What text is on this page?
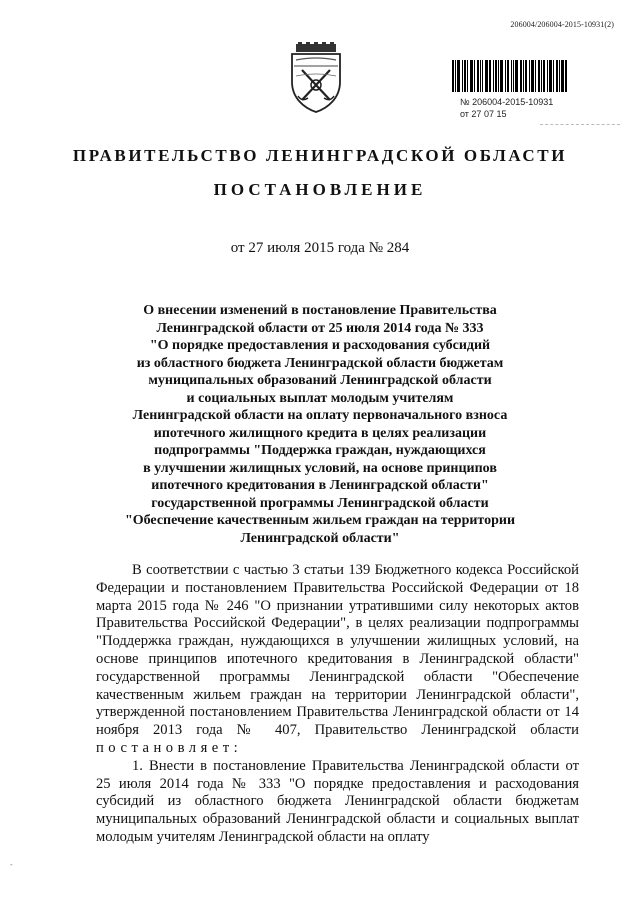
206004/206004-2015-10931(2)
№ 206004-2015-10931
от 27 07 15
ПРАВИТЕЛЬСТВО ЛЕНИНГРАДСКОЙ ОБЛАСТИ
ПОСТАНОВЛЕНИЕ
от 27 июля 2015 года № 284
О внесении изменений в постановление Правительства
Ленинградской области от 25 июля 2014 года № 333
"О порядке предоставления и расходования субсидий
из областного бюджета Ленинградской области бюджетам
муниципальных образований Ленинградской области
и социальных выплат молодым учителям
Ленинградской области на оплату первоначального взноса
ипотечного жилищного кредита в целях реализации
подпрограммы "Поддержка граждан, нуждающихся
в улучшении жилищных условий, на основе принципов
ипотечного кредитования в Ленинградской области"
государственной программы Ленинградской области
"Обеспечение качественным жильем граждан на территории
Ленинградской области"

В соответствии с частью 3 статьи 139 Бюджетного кодекса Российской Федерации и постановлением Правительства Российской Федерации от 18 марта 2015 года № 246 "О признании утратившими силу некоторых актов Правительства Российской Федерации", в целях реализации подпрограммы "Поддержка граждан, нуждающихся в улучшении жилищных условий, на основе принципов ипотечного кредитования в Ленинградской области" государственной программы Ленинградской области "Обеспечение качественным жильем граждан на территории Ленинградской области", утвержденной постановлением Правительства Ленинградской области от 14 ноября 2013 года № 407, Правительство Ленинградской области постановляет:

1. Внести в постановление Правительства Ленинградской области от 25 июля 2014 года № 333 "О порядке предоставления и расходования субсидий из областного бюджета Ленинградской области бюджетам муниципальных образований Ленинградской области и социальных выплат молодым учителям Ленинградской области на оплату

-
